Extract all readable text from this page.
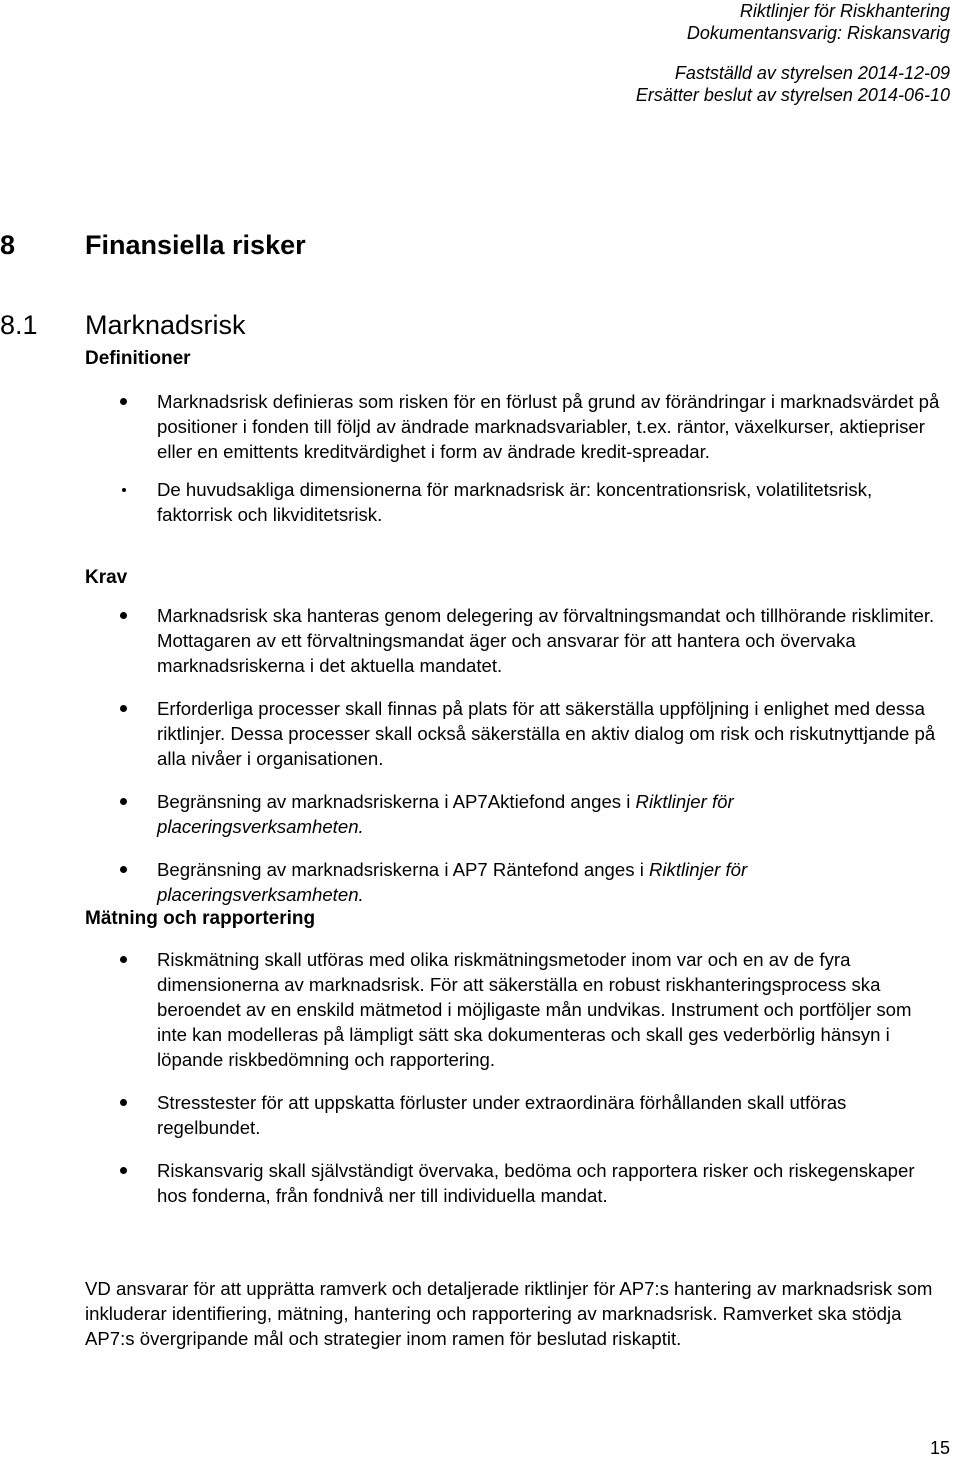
Riktlinjer för Riskhantering
Dokumentansvarig: Riskansvarig
Fastställd av styrelsen 2014-12-09
Ersätter beslut av styrelsen 2014-06-10
8	Finansiella risker
8.1 Marknadsrisk
Definitioner
Marknadsrisk definieras som risken för en förlust på grund av förändringar i marknadsvärdet på positioner i fonden till följd av ändrade marknadsvariabler, t.ex. räntor, växelkurser, aktiepriser eller en emittents kreditvärdighet i form av ändrade kredit-spreadar.
De huvudsakliga dimensionerna för marknadsrisk är: koncentrationsrisk, volatilitetsrisk, faktorrisk och likviditetsrisk.
Krav
Marknadsrisk ska hanteras genom delegering av förvaltningsmandat och tillhörande risklimiter. Mottagaren av ett förvaltningsmandat äger och ansvarar för att hantera och övervaka marknadsriskerna i det aktuella mandatet.
Erforderliga processer skall finnas på plats för att säkerställa uppföljning i enlighet med dessa riktlinjer. Dessa processer skall också säkerställa en aktiv dialog om risk och riskutnyttjande på alla nivåer i organisationen.
Begränsning av marknadsriskerna i AP7Aktiefond anges i Riktlinjer för placeringsverksamheten.
Begränsning av marknadsriskerna i AP7 Räntefond anges i Riktlinjer för placeringsverksamheten.
Mätning och rapportering
Riskmätning skall utföras med olika riskmätningsmetoder inom var och en av de fyra dimensionerna av marknadsrisk. För att säkerställa en robust riskhanteringsprocess ska beroendet av en enskild mätmetod i möjligaste mån undvikas. Instrument och portföljer som inte kan modelleras på lämpligt sätt ska dokumenteras och skall ges vederbörlig hänsyn i löpande riskbedömning och rapportering.
Stresstester för att uppskatta förluster under extraordinära förhållanden skall utföras regelbundet.
Riskansvarig skall självständigt övervaka, bedöma och rapportera risker och riskegenskaper hos fonderna, från fondnivå ner till individuella mandat.
VD ansvarar för att upprätta ramverk och detaljerade riktlinjer för AP7:s hantering av marknadsrisk som inkluderar identifiering, mätning, hantering och rapportering av marknadsrisk. Ramverket ska stödja AP7:s övergripande mål och strategier inom ramen för beslutad riskaptit.
15
